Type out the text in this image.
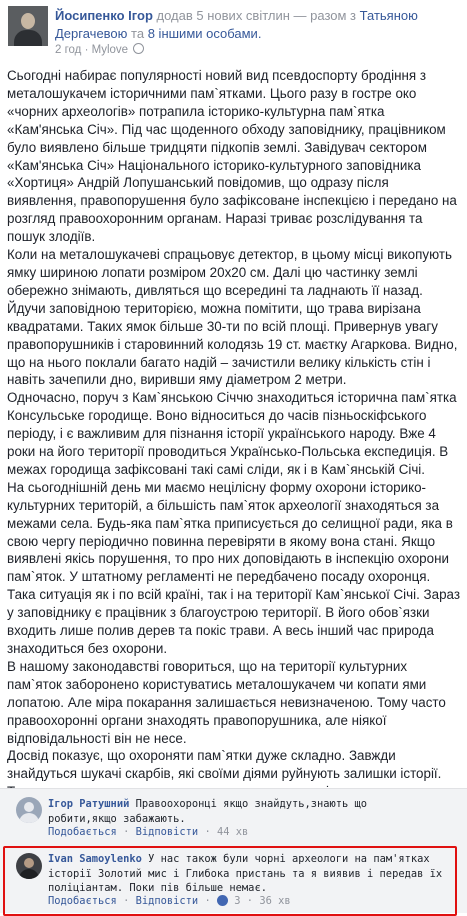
Йосипенко Ігор додав 5 нових світлин — разом з Татьяною Дергачевою та 8 іншими особами.
2 год · Mylove

Сьогодні набирає популярності новий вид псевдоспорту бродіння з металошукачем історичними пам`ятками. Цього разу в гостре око «чорних археологів» потрапила історико-культурна пам`ятка «Кам'янська Січ». Під час щоденного обходу заповіднику, працівником було виявлено більше тридцяти підкопів землі. Завідувач сектором «Кам'янська Січ» Національного історико-культурного заповідника «Хортиця» Андрій Лопушанський повідомив, що одразу після виявлення, правопорушення було зафіксоване інспекцією і передано на розгляд правоохоронним органам. Наразі триває розслідування та пошук злодіїв.

Коли на металошукачеві спрацьовує детектор, в цьому місці викопують ямку шириною лопати розміром 20х20 см. Далі цю частинку землі обережно знімають, дивляться що всередині та ладнають її назад. Йдучи заповідною територією, можна помітити, що трава вирізана квадратами. Таких ямок більше 30-ти по всій площі. Привернув увагу правопорушників і старовинний колодязь 19 ст. маєтку Агаркова. Видно, що на нього поклали багато надій – зачистили велику кількість стін і навіть зачепили дно, виривши яму діаметром 2 метри.

Одночасно, поруч з Кам`янською Січчю знаходиться історична пам`ятка Консульське городище. Воно відноситься до часів пізньоскіфського періоду, і є важливим для пізнання історії українського народу. Вже 4 роки на його території проводиться Українсько-Польська експедиція. В межах городища зафіксовані такі самі сліди, як і в Кам`янській Січі.

На сьогоднішній день ми маємо нецілісну форму охорони історико-культурних територій, а більшість пам`яток археології знаходяться за межами села. Будь-яка пам`ятка приписується до селищної ради, яка в свою чергу періодично повинна перевіряти в якому вона стані. Якщо виявлені якісь порушення, то про них доповідають в інспекцію охорони пам`яток. У штатному регламенті не передбачено посаду охоронця. Така ситуація як і по всій країні, так і на території Кам`янської Січі. Зараз у заповіднику є працівник з благоустрою території. В його обов`язки входить лише полив дерев та покіс трави. А весь інший час природа знаходиться без охорони.

В нашому законодавстві говориться, що на території культурних пам`яток заборонено користуватись металошукачем чи копати ями лопатою. Але міра покарання залишається невизначеною. Тому часто правоохоронні органи знаходять правопорушника, але ніякої відповідальності він не несе.

Досвід показує, що охороняти пам`ятки дуже складно. Завжди знайдуться шукачі скарбів, які своїми діями руйнують залишки історії.

Ігор Ратушний Правоохоронці якщо знайдуть,знають що
робити,якщо забажають.
Подобається · Відповісти · 44 хв
Ivan Samoylenko У нас також були чорні археологи на пам'ятках
історії Золотий мис і Глибока пристань та я виявив і передав їх
поліціантам. Поки пів більше немає.
Подобається · Відповісти · 3 · 36 хв
